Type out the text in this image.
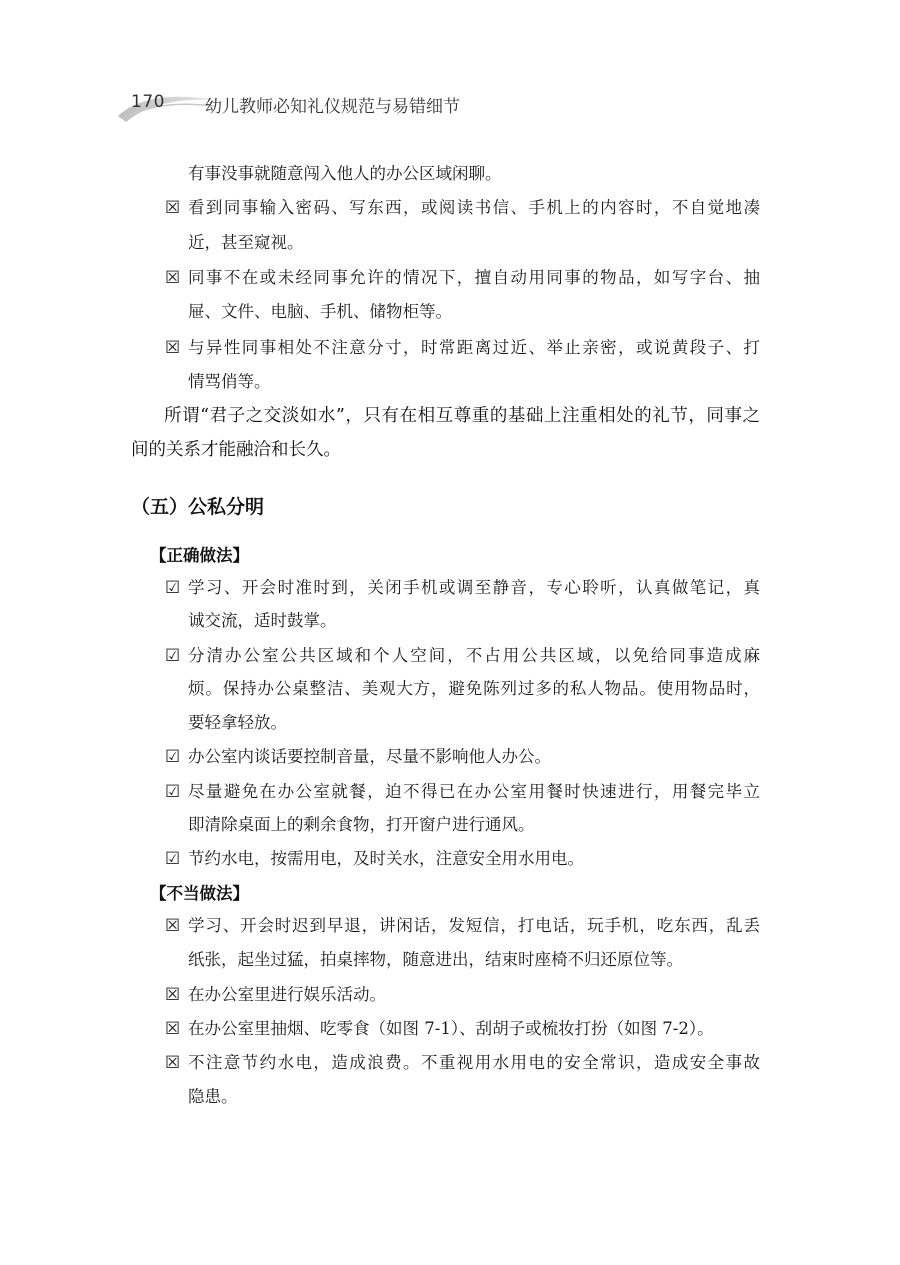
170 幼儿教师必知礼仪规范与易错细节
有事没事就随意闯入他人的办公区域闲聊。
☒ 看到同事输入密码、写东西，或阅读书信、手机上的内容时，不自觉地凑
近，甚至窥视。
☒ 同事不在或未经同事允许的情况下，擅自动用同事的物品，如写字台、抽
屉、文件、电脑、手机、储物柜等。
☒ 与异性同事相处不注意分寸，时常距离过近、举止亲密，或说黄段子、打
情骂俏等。
所谓“君子之交淡如水”，只有在相互尊重的基础上注重相处的礼节，同事之
间的关系才能融洽和长久。
（五）公私分明
【正确做法】
☑ 学习、开会时准时到，关闭手机或调至静音，专心聆听，认真做笔记，真
诚交流，适时鼓掌。
☑ 分清办公室公共区域和个人空间，不占用公共区域，以免给同事造成麻
烦。保持办公桌整洁、美观大方，避免陈列过多的私人物品。使用物品时，
要轻拿轻放。
☑ 办公室内谈话要控制音量，尽量不影响他人办公。
☑ 尽量避免在办公室就餐，迫不得已在办公室用餐时快速进行，用餐完毕立
即清除桌面上的剩余食物，打开窗户进行通风。
☑ 节约水电，按需用电，及时关水，注意安全用水用电。
【不当做法】
☒ 学习、开会时迟到早退，讲闲话，发短信，打电话，玩手机，吃东西，乱丢
纸张，起坐过猛，拍桌摔物，随意进出，结束时座椅不归还原位等。
☒ 在办公室里进行娱乐活动。
☒ 在办公室里抽烟、吃零食（如图 7-1）、刮胡子或梳妆打扮（如图 7-2）。
☒ 不注意节约水电，造成浪费。不重视用水用电的安全常识，造成安全事故
隐患。
